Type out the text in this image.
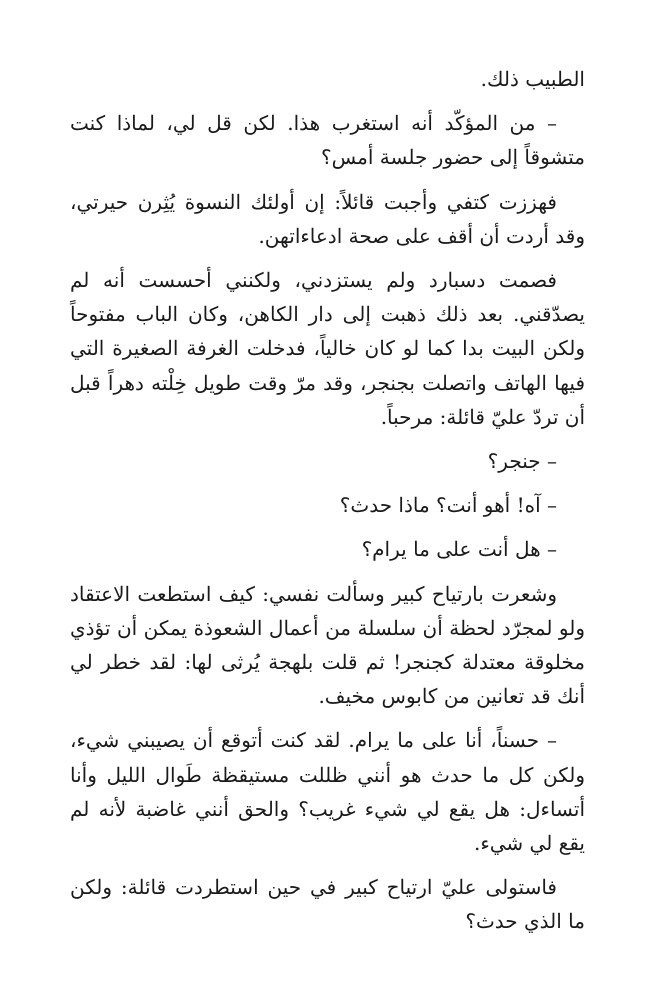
الطبيب ذلك.

– من المؤكّد أنه استغرب هذا. لكن قل لي، لماذا كنت متشوقاً إلى حضور جلسة أمس؟

فهززت كتفي وأجبت قائلاً: إن أولئك النسوة يُثِرن حيرتي، وقد أردت أن أقف على صحة ادعاءاتهن.

فصمت دسبارد ولم يستزدني، ولكنني أحسست أنه لم يصدّقني. بعد ذلك ذهبت إلى دار الكاهن، وكان الباب مفتوحاً ولكن البيت بدا كما لو كان خالياً، فدخلت الغرفة الصغيرة التي فيها الهاتف واتصلت بجنجر، وقد مرّ وقت طويل خِلْته دهراً قبل أن تردّ عليّ قائلة: مرحباً.

– جنجر؟

– آه! أهو أنت؟ ماذا حدث؟

– هل أنت على ما يرام؟

وشعرت بارتياح كبير وسألت نفسي: كيف استطعت الاعتقاد ولو لمجرّد لحظة أن سلسلة من أعمال الشعوذة يمكن أن تؤذي مخلوقة معتدلة كجنجر! ثم قلت بلهجة يُرثى لها: لقد خطر لي أنك قد تعانين من كابوس مخيف.

– حسناً، أنا على ما يرام. لقد كنت أتوقع أن يصيبني شيء، ولكن كل ما حدث هو أنني ظللت مستيقظة طَوال الليل وأنا أتساءل: هل يقع لي شيء غريب؟ والحق أنني غاضبة لأنه لم يقع لي شيء.

فاستولى عليّ ارتياح كبير في حين استطردت قائلة: ولكن ما الذي حدث؟
